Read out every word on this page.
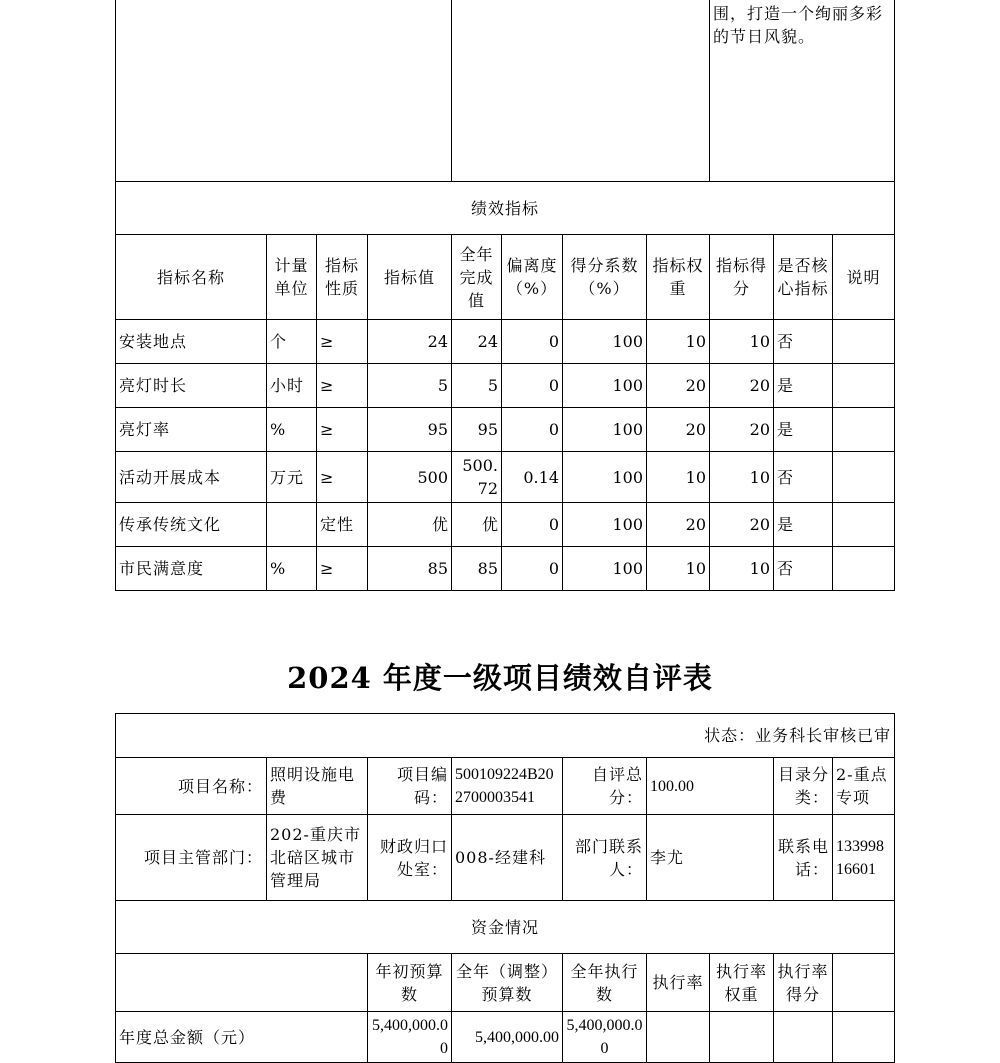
								围，打造一个绚丽多彩的节日风貌。		
绩效指标										
指标名称	计量单位	指标性质	指标值	全年完成值	偏离度（%）	得分系数（%）	指标权重	指标得分	是否核心指标	说明
安装地点	个	≥	24	24	0	100	10	10	否	
亮灯时长	小时	≥	5	5	0	100	20	20	是	
亮灯率	%	≥	95	95	0	100	20	20	是	
活动开展成本	万元	≥	500	500.72	0.14	100	10	10	否	
传承传统文化		定性	优	优	0	100	20	20	是	
市民满意度	%	≥	85	85	0	100	10	10	否	
2024 年度一级项目绩效自评表
状态：业务科长审核已审								
项目名称：	照明设施电费	项目编码：	500109224B202700003541	自评总分：	100.00		目录分类：	2-重点专项
项目主管部门：	202-重庆市北碚区城市管理局	财政归口处室：	008-经建科	部门联系人：	李尤		联系电话：	13399816601
资金情况								
		年初预算数	全年（调整）预算数	全年执行数	执行率	执行率权重	执行率得分	
年度总金额（元）		5,400,000.00	5,400,000.00	5,400,000.00				
